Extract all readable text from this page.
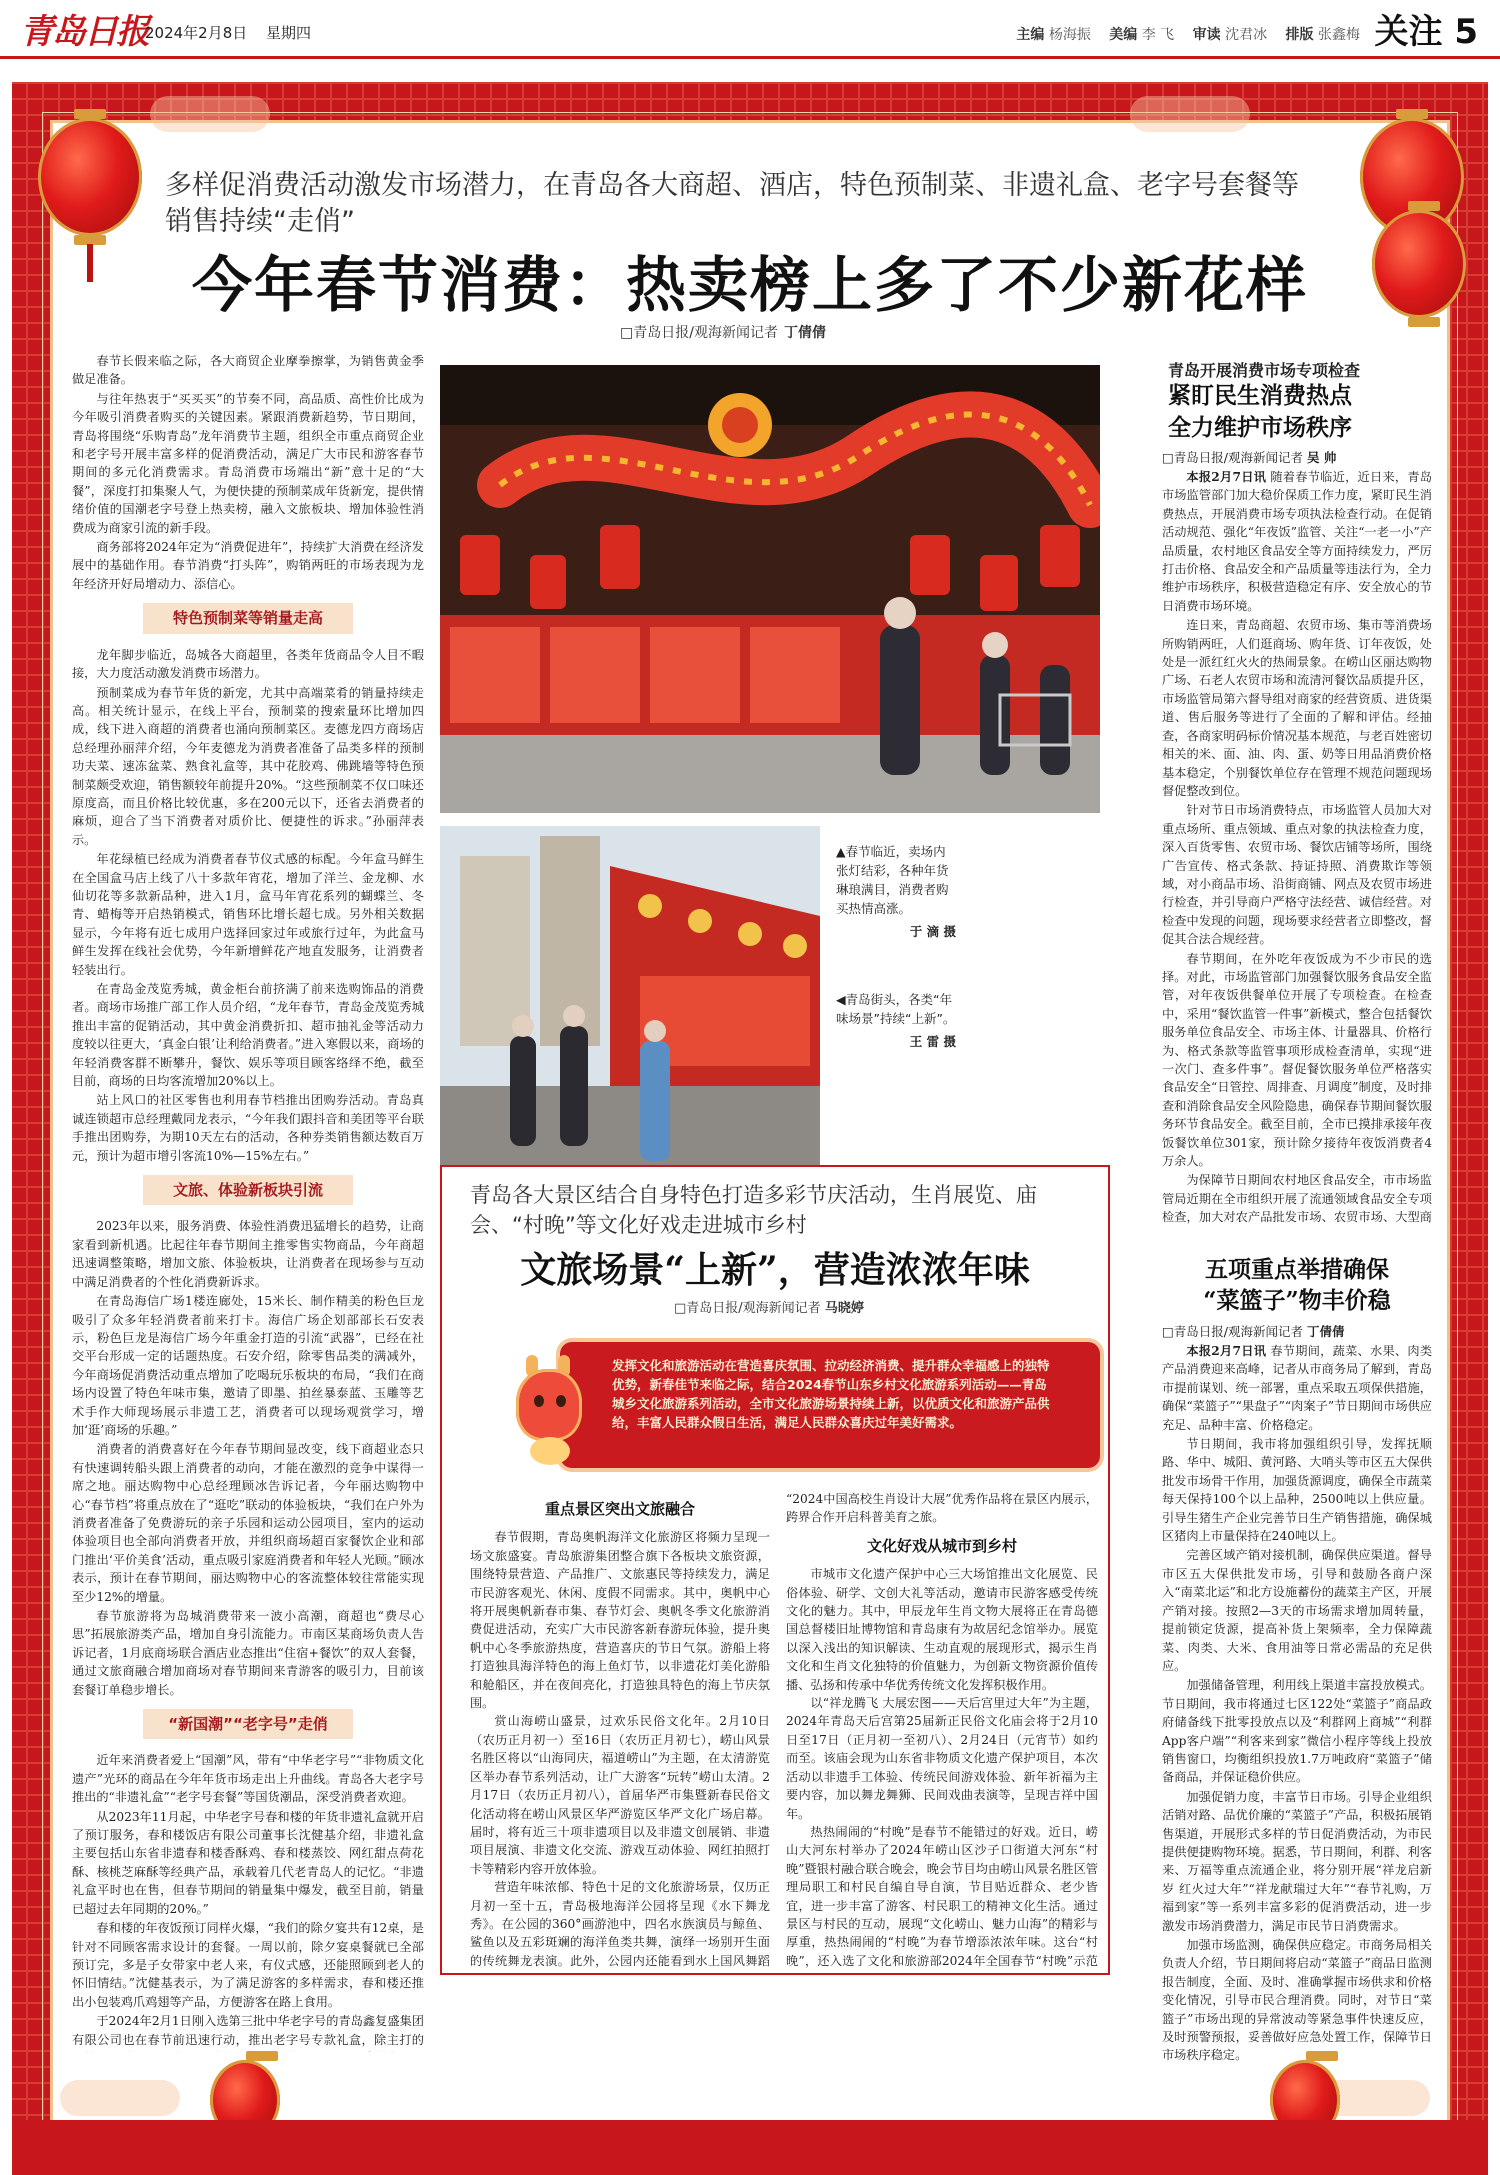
青岛日报
2024年2月8日 星期四	主编 杨海振 美编 李 飞 审读 沈君冰 排版 张鑫梅 关注 5
多样促消费活动激发市场潜力，在青岛各大商超、酒店，特色预制菜、非遗礼盒、老字号套餐等销售持续“走俏”
今年春节消费：热卖榜上多了不少新花样
□青岛日报/观海新闻记者 丁倩倩

春节长假来临之际，各大商贸企业摩拳擦掌，为销售黄金季做足准备。

与往年热衷于“买买买”的节奏不同，高品质、高性价比成为今年吸引消费者购买的关键因素。紧跟消费新趋势，节日期间，青岛将围绕“乐购青岛”龙年消费节主题，组织全市重点商贸企业和老字号开展丰富多样的促消费活动，满足广大市民和游客春节期间的多元化消费需求。青岛消费市场端出“新”意十足的“大餐”，深度打扣集聚人气，为便快捷的预制菜成年货新宠，提供情绪价值的国潮老字号登上热卖榜，融入文旅板块、增加体验性消费成为商家引流的新手段。

商务部将2024年定为“消费促进年”，持续扩大消费在经济发展中的基础作用。春节消费“打头阵”，购销两旺的市场表现为龙年经济开好局增动力、添信心。

特色预制菜等销量走高

龙年脚步临近，岛城各大商超里，各类年货商品令人目不暇接，大力度活动激发消费市场潜力。

预制菜成为春节年货的新宠，尤其中高端菜肴的销量持续走高。相关统计显示，在线上平台，预制菜的搜索量环比增加四成，线下进入商超的消费者也涌向预制菜区。麦德龙四方商场店总经理孙丽萍介绍，今年麦德龙为消费者准备了品类多样的预制功夫菜、速冻盆菜、熟食礼盒等，其中花胶鸡、佛跳墙等特色预制菜颇受欢迎，销售额较年前提升20%。“这些预制菜不仅口味还原度高，而且价格比较优惠，多在200元以下，还省去消费者的麻烦，迎合了当下消费者对质价比、便捷性的诉求。”孙丽萍表示。

年花绿植已经成为消费者春节仪式感的标配。今年盒马鲜生在全国盒马店上线了八十多款年宵花，增加了洋兰、金龙柳、水仙切花等多款新品种，进入1月，盒马年宵花系列的蝴蝶兰、冬青、蜡梅等开启热销模式，销售环比增长超七成。另外相关数据显示，今年将有近七成用户选择回家过年或旅行过年，为此盒马鲜生发挥在线社会优势，今年新增鲜花产地直发服务，让消费者轻装出行。

在青岛金茂览秀城，黄金柜台前挤满了前来选购饰品的消费者。商场市场推广部工作人员介绍，“龙年春节，青岛金茂览秀城推出丰富的促销活动，其中黄金消费折扣、超市抽礼金等活动力度较以往更大，‘真金白银’让利给消费者。”进入寒假以来，商场的年轻消费客群不断攀升，餐饮、娱乐等项目顾客络绎不绝，截至目前，商场的日均客流增加20%以上。

站上风口的社区零售也利用春节档推出团购券活动。青岛真诚连锁超市总经理戴同龙表示，“今年我们跟抖音和美团等平台联手推出团购券，为期10天左右的活动，各种券类销售额达数百万元，预计为超市增引客流10%—15%左右。”

文旅、体验新板块引流

2023年以来，服务消费、体验性消费迅猛增长的趋势，让商家看到新机遇。比起往年春节期间主推零售实物商品，今年商超迅速调整策略，增加文旅、体验板块，让消费者在现场参与互动中满足消费者的个性化消费新诉求。

在青岛海信广场1楼连廊处，15米长、制作精美的粉色巨龙吸引了众多年轻消费者前来打卡。海信广场企划部部长石安表示，粉色巨龙是海信广场今年重金打造的引流“武器”，已经在社交平台形成一定的话题热度。石安介绍，除零售品类的满减外，今年商场促消费活动重点增加了吃喝玩乐板块的布局，“我们在商场内设置了特色年味市集，邀请了即墨、拍丝暴泰蓝、玉雕等艺术手作大师现场展示非遗工艺，消费者可以现场观赏学习，增加‘逛’商场的乐趣。”

消费者的消费喜好在今年春节期间显改变，线下商超业态只有快速调转船头跟上消费者的动向，才能在激烈的竞争中谋得一席之地。丽达购物中心总经理顾冰告诉记者，今年丽达购物中心“春节档”将重点放在了“逛吃”联动的体验板块，“我们在户外为消费者准备了免费游玩的亲子乐园和运动公园项目，室内的运动体验项目也全部向消费者开放，并组织商场超百家餐饮企业和部门推出‘平价美食’活动，重点吸引家庭消费者和年轻人光顾。”顾冰表示，预计在春节期间，丽达购物中心的客流整体较往常能实现至少12%的增量。

春节旅游将为岛城消费带来一波小高潮，商超也“费尽心思”拓展旅游类产品，增加自身引流能力。市南区某商场负责人告诉记者，1月底商场联合酒店业态推出“住宿+餐饮”的双人套餐，通过文旅商融合增加商场对春节期间来青游客的吸引力，目前该套餐订单稳步增长。

“新国潮”“老字号”走俏

近年来消费者爱上“国潮”风，带有“中华老字号”“非物质文化遗产”光环的商品在今年年货市场走出上升曲线。青岛各大老字号推出的“非遗礼盒”“老字号套餐”等国货潮品，深受消费者欢迎。

从2023年11月起，中华老字号春和楼的年货非遗礼盒就开启了预订服务，春和楼饭店有限公司董事长沈健基介绍，非遗礼盒主要包括山东省非遗春和楼香酥鸡、春和楼蒸饺、网红甜点荷花酥、核桃芝麻酥等经典产品，承载着几代老青岛人的记忆。“非遗礼盒平时也在售，但春节期间的销量集中爆发，截至目前，销量已超过去年同期的20%。”

春和楼的年夜饭预订同样火爆，“我们的除夕宴共有12桌，是针对不同顾客需求设计的套餐。一周以前，除夕宴桌餐就已全部预订完，多是子女带家中老人来，有仪式感，还能照顾到老人的怀旧情结。”沈健基表示，为了满足游客的多样需求，春和楼还推出小包装鸡爪鸡翅等产品，方便游客在路上食用。

于2024年2月1日刚入选第三批中华老字号的青岛鑫复盛集团有限公司也在春节前迅速行动，推出老字号专款礼盒，除主打的

▲春节临近，卖场内张灯结彩，各种年货琳琅满目，消费者购买热情高涨。
于 滴 摄
◀青岛街头，各类“年味场景”持续“上新”。
王 雷 摄
青岛开展消费市场专项检查
紧盯民生消费热点
全力维护市场秩序
□青岛日报/观海新闻记者 吴 帅

本报2月7日讯 随着春节临近，近日来，青岛市场监管部门加大稳价保质工作力度，紧盯民生消费热点，开展消费市场专项执法检查行动。在促销活动规范、强化“年夜饭”监管、关注“一老一小”产品质量，农村地区食品安全等方面持续发力，严厉打击价格、食品安全和产品质量等违法行为，全力维护市场秩序，积极营造稳定有序、安全放心的节日消费市场环境。

连日来，青岛商超、农贸市场、集市等消费场所购销两旺，人们逛商场、购年货、订年夜饭，处处是一派红红火火的热闹景象。在崂山区丽达购物广场、石老人农贸市场和流清河餐饮品质提升区，市场监管局第六督导组对商家的经营资质、进货渠道、售后服务等进行了全面的了解和评估。经抽查，各商家明码标价情况基本规范，与老百姓密切相关的米、面、油、肉、蛋、奶等日用品消费价格基本稳定，个别餐饮单位存在管理不规范问题现场督促整改到位。

针对节日市场消费特点，市场监管人员加大对重点场所、重点领域、重点对象的执法检查力度，深入百货零售、农贸市场、餐饮店铺等场所，围绕广告宣传、格式条款、持证持照、消费欺诈等领域，对小商品市场、沿街商铺、网点及农贸市场进行检查，并引导商户严格守法经营、诚信经营。对检查中发现的问题，现场要求经营者立即整改，督促其合法合规经营。

春节期间，在外吃年夜饭成为不少市民的选择。对此，市场监管部门加强餐饮服务食品安全监管，对年夜饭供餐单位开展了专项检查。在检查中，采用“餐饮监管一件事”新模式，整合包括餐饮服务单位食品安全、市场主体、计量器具、价格行为、格式条款等监管事项形成检查清单，实现“进一次门、查多件事”。督促餐饮服务单位严格落实食品安全“日管控、周排查、月调度”制度，及时排查和消除食品安全风险隐患，确保春节期间餐饮服务环节食品安全。截至目前，全市已摸排承接年夜饭餐饮单位301家，预计除夕接待年夜饭消费者4万余人。

为保障节日期间农村地区食品安全，市市场监管局近期在全市组织开展了流通领域食品安全专项检查，加大对农产品批发市场、农贸市场、大型商

五项重点举措确保
“菜篮子”物丰价稳
□青岛日报/观海新闻记者 丁倩倩

本报2月7日讯 春节期间，蔬菜、水果、肉类产品消费迎来高峰，记者从市商务局了解到，青岛市提前谋划、统一部署，重点采取五项保供措施，确保“菜篮子”“果盘子”“肉案子”节日期间市场供应充足、品种丰富、价格稳定。

节日期间，我市将加强组织引导，发挥抚顺路、华中、城阳、黄河路、大哨头等市区五大保供批发市场骨干作用，加强货源调度，确保全市蔬菜每天保持100个以上品种，2500吨以上供应量。引导生猪生产企业完善节日生产销售措施，确保城区猪肉上市量保持在240吨以上。

完善区域产销对接机制，确保供应渠道。督导市区五大保供批发市场，引导和鼓励各商户深入“南菜北运”和北方设施蓄份的蔬菜主产区，开展产销对接。按照2—3天的市场需求增加周转量，提前锁定货源，提高补货上架频率，全力保障蔬菜、肉类、大米、食用油等日常必需品的充足供应。

加强储备管理，利用线上渠道丰富投放模式。节日期间，我市将通过七区122处“菜篮子”商品政府储备线下批零投放点以及“利群网上商城”“利群App客户端”“利客来到家”微信小程序等线上投放销售窗口，均衡组织投放1.7万吨政府“菜篮子”储备商品，并保证稳价供应。

加强促销力度，丰富节日市场。引导企业组织活销对路、品优价廉的“菜篮子”产品，积极拓展销售渠道，开展形式多样的节日促消费活动，为市民提供便捷购物环境。据悉，节日期间，利群、利客来、万福等重点流通企业，将分别开展“祥龙启新岁 红火过大年”“祥龙献瑞过大年”“春节礼购，万福到家”等一系列丰富多彩的促消费活动，进一步激发市场消费潜力，满足市民节日消费需求。

加强市场监测，确保供应稳定。市商务局相关负责人介绍，节日期间将启动“菜篮子”商品日监测报告制度，全面、及时、准确掌握市场供求和价格变化情况，引导市民合理消费。同时，对节日“菜篮子”市场出现的异常波动等紧急事件快速反应，及时预警预报，妥善做好应急处置工作，保障节日市场秩序稳定。

青岛各大景区结合自身特色打造多彩节庆活动，生肖展览、庙会、“村晚”等文化好戏走进城市乡村
文旅场景“上新”，营造浓浓年味
□青岛日报/观海新闻记者 马晓婷
发挥文化和旅游活动在营造喜庆氛围、拉动经济消费、提升群众幸福感上的独特优势，新春佳节来临之际，结合2024春节山东乡村文化旅游系列活动——青岛城乡文化旅游系列活动，全市文化旅游场景持续上新，以优质文化和旅游产品供给，丰富人民群众假日生活，满足人民群众喜庆过年美好需求。
重点景区突出文旅融合

春节假期，青岛奥帆海洋文化旅游区将频力呈现一场文旅盛宴。青岛旅游集团整合旗下各板块文旅资源，围绕特景营造、产品推广、文旅惠民等持续发力，满足市民游客观光、休闲、度假不同需求。其中，奥帆中心将开展奥帆新春市集、春节灯会、奥帆冬季文化旅游消费促进活动，充实广大市民游客新春游玩体验，提升奥帆中心冬季旅游热度，营造喜庆的节日气氛。游船上将打造独具海洋特色的海上鱼灯节，以非遗花灯美化游船和舱船区，并在夜间亮化，打造独具特色的海上节庆氛围。

赏山海崂山盛景，过欢乐民俗文化年。2月10日（农历正月初一）至16日（农历正月初七），崂山风景名胜区将以“山海同庆，福道崂山”为主题，在太清游览区举办春节系列活动，让广大游客“玩转”崂山太清。2月17日（农历正月初八），首届华严市集暨新春民俗文化活动将在崂山风景区华严游览区华严文化广场启幕。届时，将有近三十项非遗项目以及非遗文创展销、非遗项目展演、非遗文化交流、游戏互动体验、网红拍照打卡等精彩内容开放体验。

营造年味浓郁、特色十足的文化旅游场景，仅历正月初一至十五，青岛极地海洋公园将呈现《水下舞龙秀》。在公园的360°画游池中，四名水族演员与鲸鱼、鲨鱼以及五彩斑斓的海洋鱼类共舞，演绎一场别开生面的传统舞龙表演。此外，公园内还能看到水上国风舞蹈

“2024中国高校生肖设计大展”优秀作品将在景区内展示，跨界合作开启科普美育之旅。

文化好戏从城市到乡村

市城市文化遗产保护中心三大场馆推出文化展览、民俗体验、研学、文创大礼等活动，邀请市民游客感受传统文化的魅力。其中，甲辰龙年生肖文物大展将正在青岛德国总督楼旧址博物馆和青岛康有为故居纪念馆举办。展览以深入浅出的知识解读、生动直观的展现形式，揭示生肖文化和生肖文化独特的价值魅力，为创新文物资源价值传播、弘扬和传承中华优秀传统文化发挥积极作用。

以“祥龙腾飞 大展宏图——天后宫里过大年”为主题，2024年青岛天后宫第25届新正民俗文化庙会将于2月10日至17日（正月初一至初八）、2月24日（元宵节）如约而至。该庙会现为山东省非物质文化遗产保护项目，本次活动以非遗手工体验、传统民间游戏体验、新年祈福为主要内容，加以舞龙舞狮、民间戏曲表演等，呈现吉祥中国年。

热热闹闹的“村晚”是春节不能错过的好戏。近日，崂山大河东村举办了2024年崂山区沙子口街道大河东“村晚”暨银村融合联合晚会，晚会节目均由崂山风景名胜区管理局职工和村民自编自导自演，节目贴近群众、老少皆宜，进一步丰富了游客、村民职工的精神文化生活。通过景区与村民的互动，展现“文化崂山、魅力山海”的精彩与厚重，热热闹闹的“村晚”为春节增添浓浓年味。这台“村晚”，还入选了文化和旅游部2024年全国春节“村晚”示范
